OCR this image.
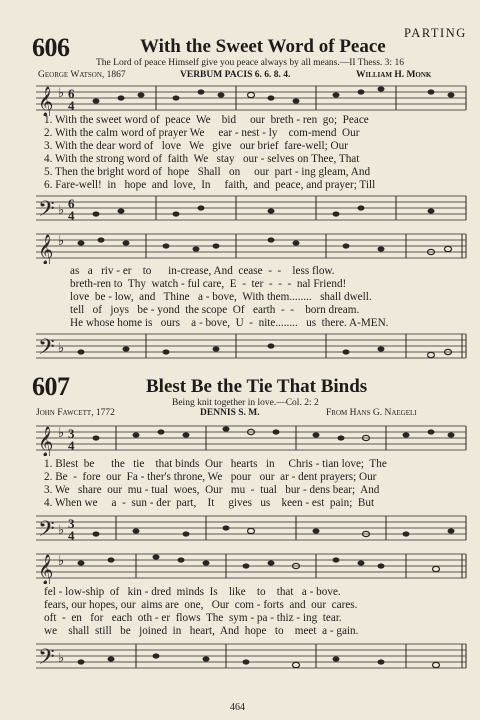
PARTING
606	With the Sweet Word of Peace
The Lord of peace Himself give you peace always by all means.—II Thess. 3: 16
George Watson, 1867	VERBUM PACIS 6. 6. 8. 4.	William H. Monk
𝄞 ♭ 6
4
1. With the sweet word of  peace  We    bid     our  breth - ren  go;  Peace
2. With the calm word of prayer We     ear - nest - ly    com-mend  Our
3. With the dear word of   love   We   give   our brief  fare-well; Our
4. With the strong word of  faith  We   stay   our - selves on Thee, That
5. Then the bright word of  hope   Shall   on     our  part - ing gleam, And
6. Fare-well!  in   hope  and  love,  In     faith,  and  peace, and prayer; Till
𝄢 ♭ 6
4
𝄞 ♭
as   a   riv - er    to      in-crease, And  cease  -  -    less flow.
breth-ren to  Thy  watch - ful care,  E  -  ter  -  -  -  nal Friend!
love  be - low,  and   Thine   a - bove,  With them........   shall dwell.
tell   of   joys   be - yond  the scope  Of   earth  -  -    born dream.
He whose home is   ours    a - bove,  U  -  nite........   us  there. A-MEN.
𝄢 ♭
607	Blest Be the Tie That Binds
John Fawcett, 1772
Being knit together in love.—Col. 2: 2
DENNIS S. M.	From Hans G. Naegeli
𝄞 ♭ 3
4
1. Blest  be      the   tie    that binds  Our   hearts   in     Chris - tian love;  The
2. Be  -  fore  our  Fa - ther's throne, We   pour   our  ar - dent prayers; Our
3. We   share  our  mu - tual  woes,  Our   mu  -  tual   bur - dens bear;  And
4. When we     a  -  sun - der  part,    It     gives   us    keen - est  pain;  But
𝄢 ♭ 3
4
𝄞 ♭
fel - low-ship  of   kin - dred  minds  Is    like    to    that   a - bove.
fears, our hopes, our  aims are  one,   Our  com - forts  and  our  cares.
oft  -  en   for   each  oth - er  flows  The  sym - pa - thiz - ing  tear.
we    shall  still   be   joined  in   heart,  And  hope   to    meet  a - gain.
𝄢 ♭
464
